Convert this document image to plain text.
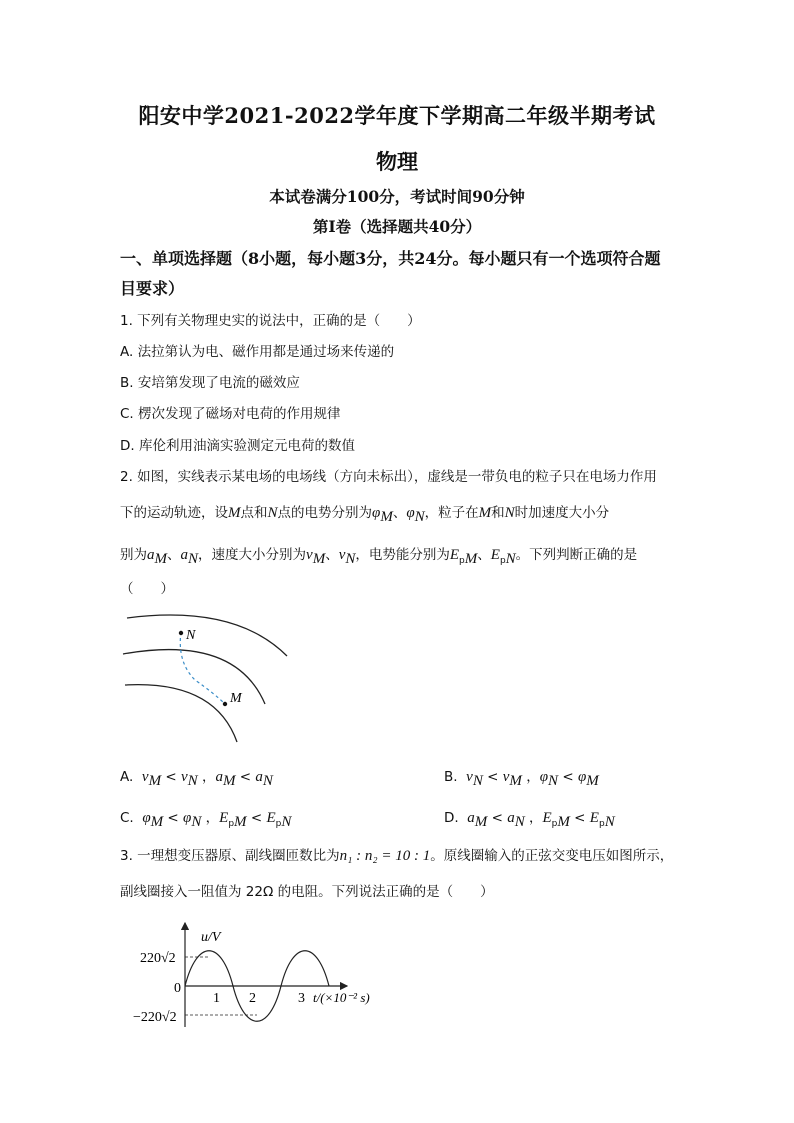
阳安中学2021-2022学年度下学期高二年级半期考试
物理
本试卷满分100分，考试时间90分钟
第Ⅰ卷（选择题共40分）
一、单项选择题（8小题，每小题3分，共24分。每小题只有一个选项符合题
目要求）
1. 下列有关物理史实的说法中，正确的是（　　）
A. 法拉第认为电、磁作用都是通过场来传递的
B. 安培第发现了电流的磁效应
C. 楞次发现了磁场对电荷的作用规律
D. 库伦利用油滴实验测定元电荷的数值
2. 如图，实线表示某电场的电场线（方向未标出），虚线是一带负电的粒子只在电场力作用
下的运动轨迹，设M点和N点的电势分别为$\varphi_M$、$\varphi_N$，粒子在M和N时加速度大小分
别为$a_M$、$a_N$，速度大小分别为$v_M$、$v_N$，电势能分别为$E_{pM}$、$E_{pN}$。下列判断正确的是
（　　）
N
M
A. $v_M < v_N$ ，$a_M < a_N$	B. $v_N < v_M$ ，$\varphi_N < \varphi_M$
C. $\varphi_M < \varphi_N$ ，$E_{pM} < E_{pN}$	D. $a_M < a_N$ ，$E_{pM} < E_{pN}$
3. 一理想变压器原、副线圈匝数比为n₁ : n₂ = 10 : 1。原线圈输入的正弦交变电压如图所示，
副线圈接入一阻值为 22Ω 的电阻。下列说法正确的是（　　）
u/V
220√2
0
−220√2
1 2	3 t/(×10⁻² s)
